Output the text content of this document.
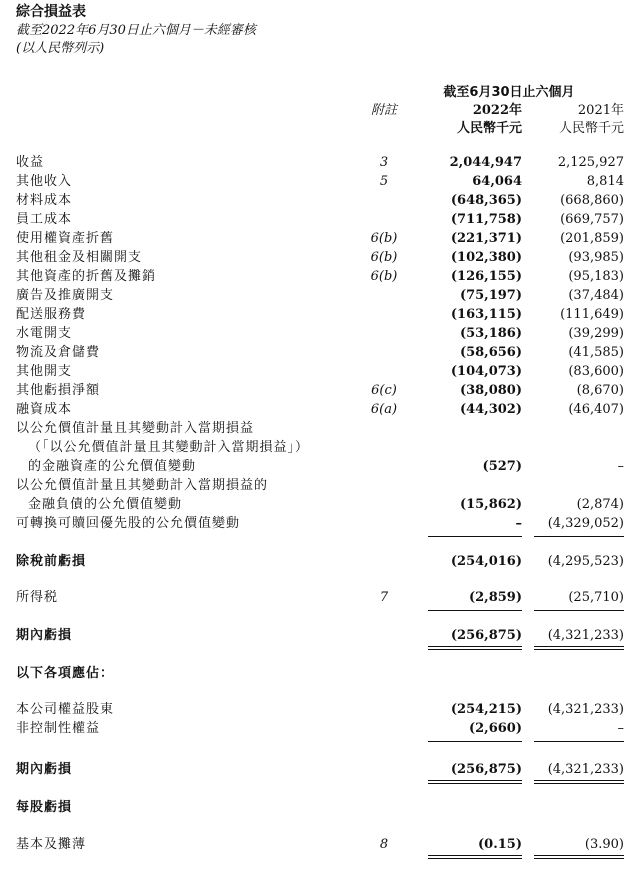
綜合損益表
截至2022年6月30日止六個月－未經審核
(以人民幣列示)
截至6月30日止六個月
附註	2022年	2021年
人民幣千元	人民幣千元
收益	3	2,044,947	2,125,927
其他收入	5	64,064	8,814
材料成本	(648,365)	(668,860)
員工成本	(711,758)	(669,757)
使用權資產折舊	6(b)	(221,371)	(201,859)
其他租金及相關開支	6(b)	(102,380)	(93,985)
其他資產的折舊及攤銷	6(b)	(126,155)	(95,183)
廣告及推廣開支	(75,197)	(37,484)
配送服務費	(163,115)	(111,649)
水電開支	(53,186)	(39,299)
物流及倉儲費	(58,656)	(41,585)
其他開支	(104,073)	(83,600)
其他虧損淨額	6(c)	(38,080)	(8,670)
融資成本	6(a)	(44,302)	(46,407)
以公允價值計量且其變動計入當期損益
（「以公允價值計量且其變動計入當期損益」）
的金融資產的公允價值變動	(527)	–
以公允價值計量且其變動計入當期損益的
金融負債的公允價值變動	(15,862)	(2,874)
可轉換可贖回優先股的公允價值變動	– (4,329,052)
除稅前虧損	(254,016) (4,295,523)
所得税	7	(2,859)	(25,710)
期內虧損	(256,875) (4,321,233)
以下各項應佔：
本公司權益股東	(254,215) (4,321,233)
非控制性權益	(2,660)	–
期內虧損	(256,875) (4,321,233)
每股虧損
基本及攤薄	8	(0.15)	(3.90)
